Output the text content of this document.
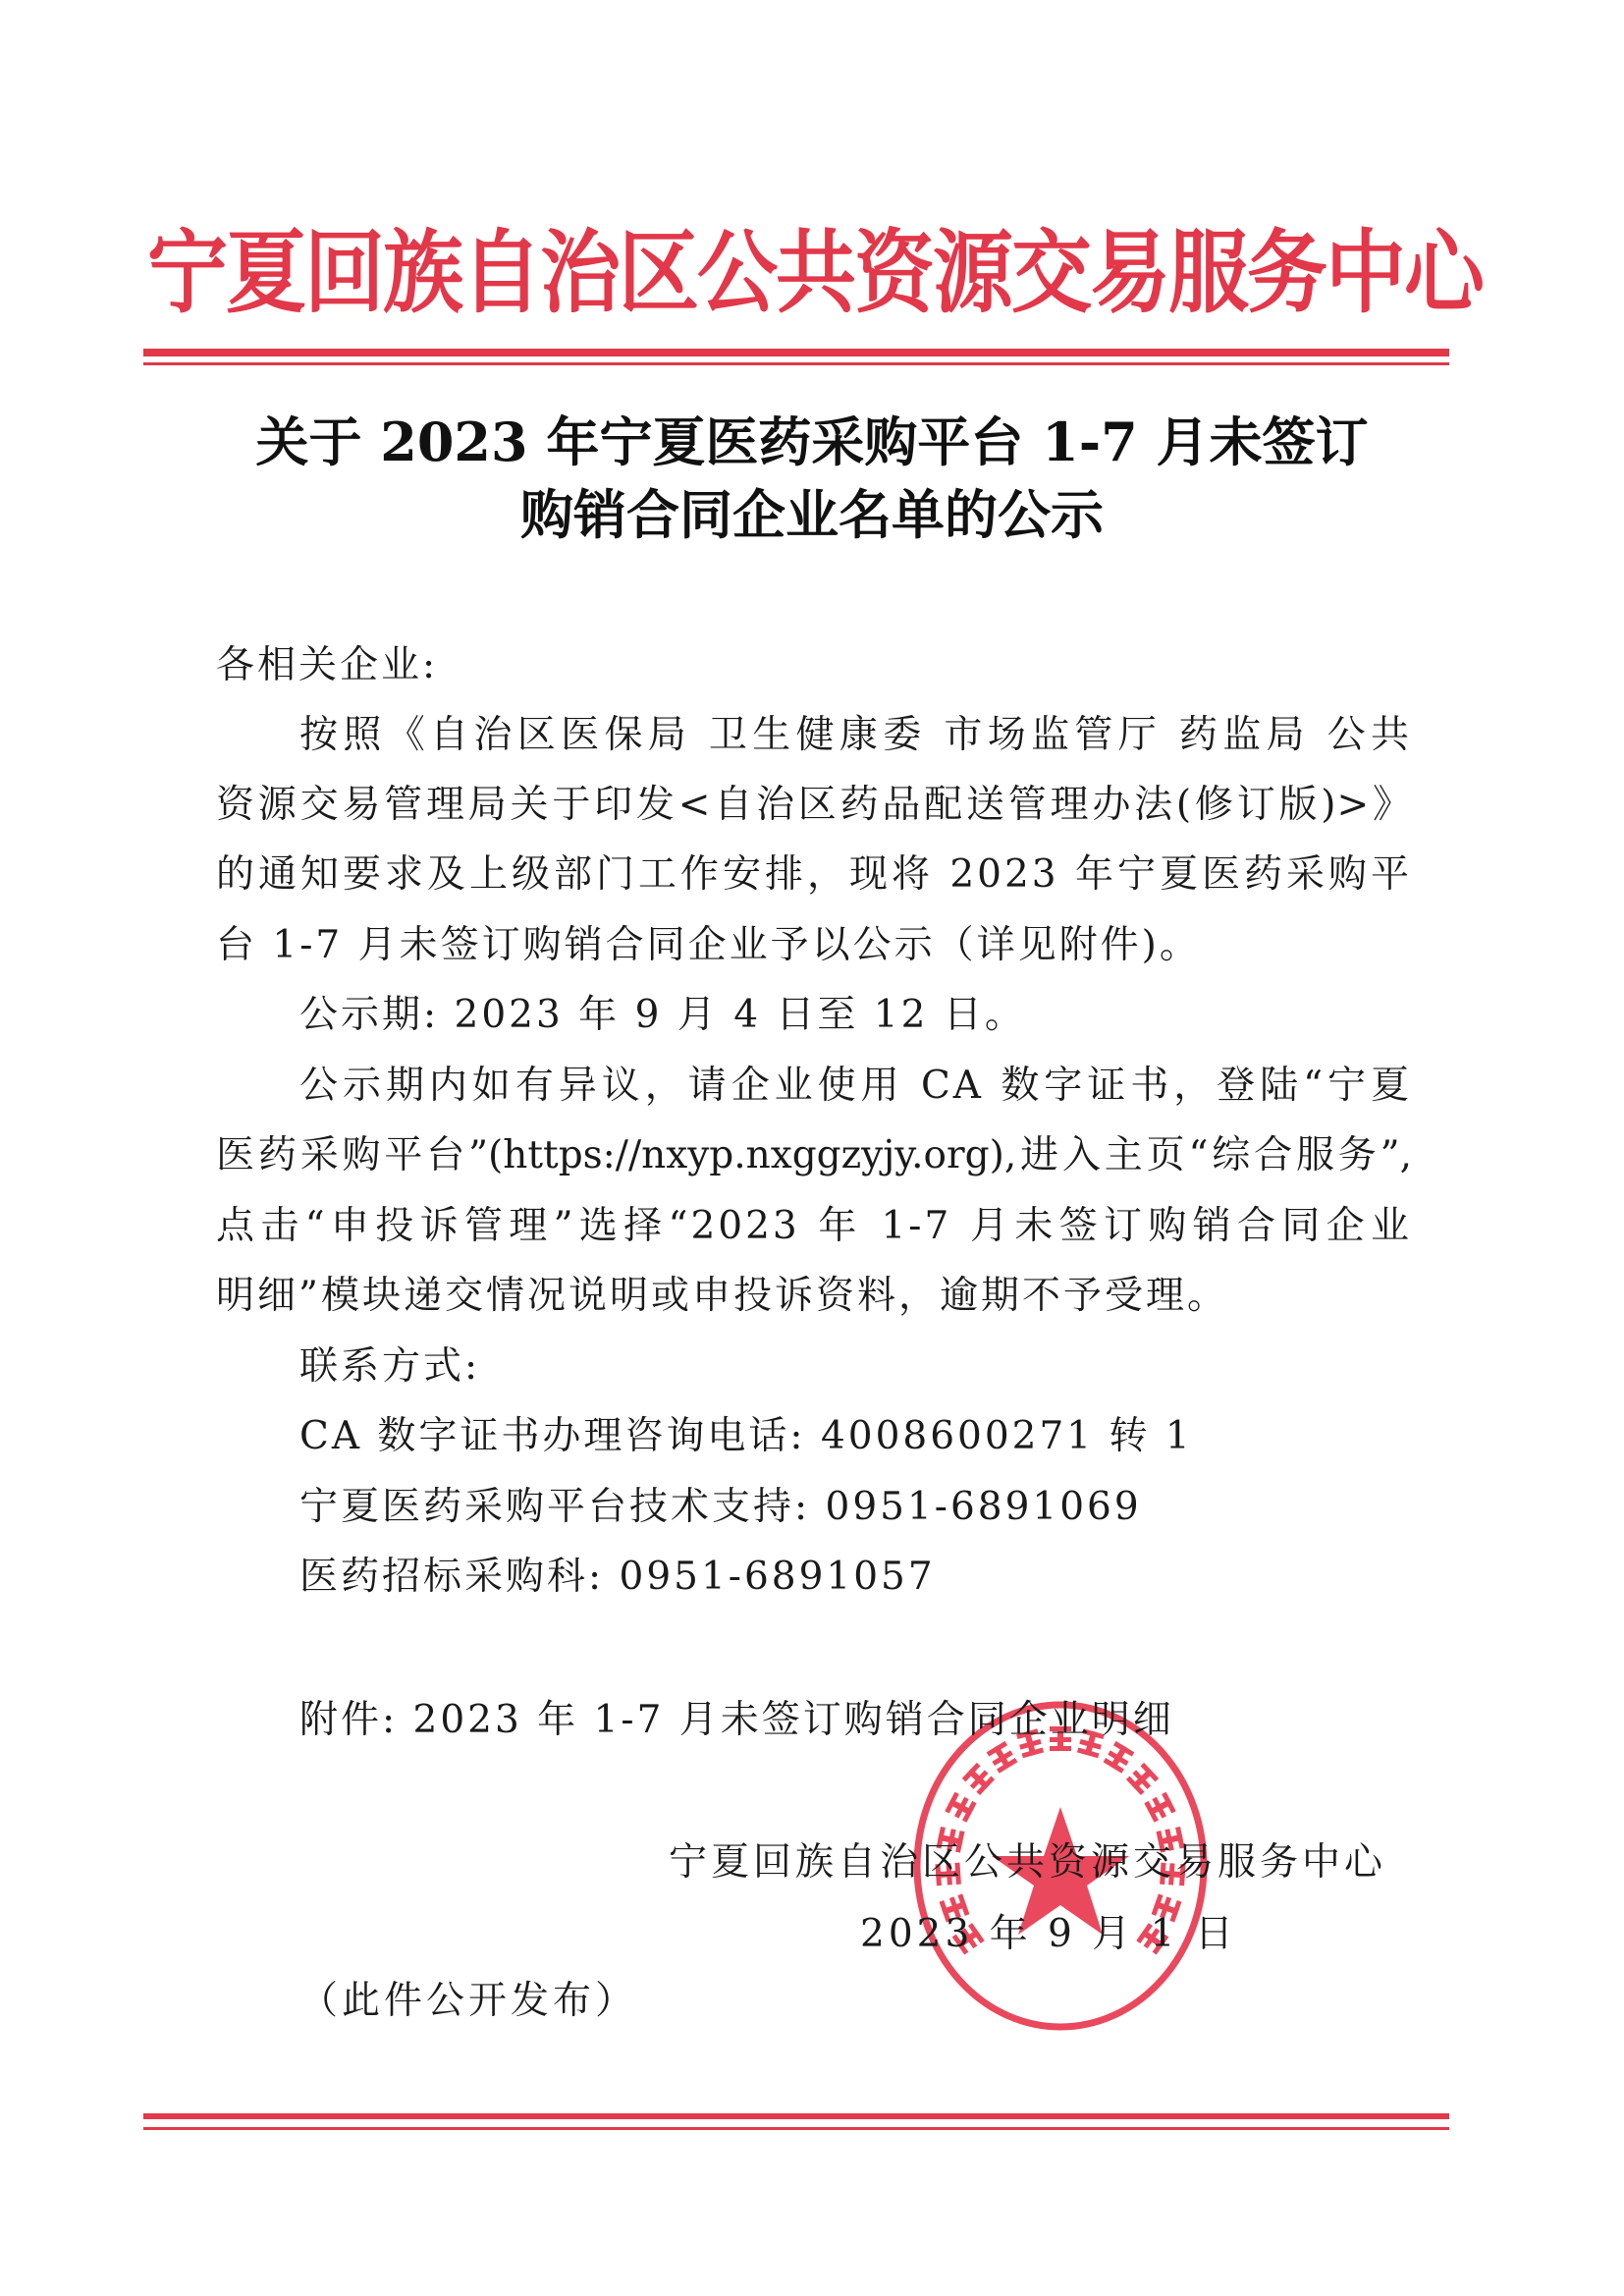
宁夏回族自治区公共资源交易服务中心
关于 2023 年宁夏医药采购平台 1-7 月未签订
购销合同企业名单的公示
各相关企业:
按照《自治区医保局 卫生健康委 市场监管厅 药监局 公共
资源交易管理局关于印发<自治区药品配送管理办法(修订版)>》
的通知要求及上级部门工作安排，现将 2023 年宁夏医药采购平
台 1-7 月未签订购销合同企业予以公示（详见附件)。
公示期: 2023 年 9 月 4 日至 12 日。
公示期内如有异议，请企业使用 CA 数字证书，登陆“宁夏
医药采购平台”(https://nxyp.nxggzyjy.org),进入主页“综合服务”,
点击“申投诉管理”选择“2023 年 1-7 月未签订购销合同企业
明细”模块递交情况说明或申投诉资料，逾期不予受理。
联系方式:
CA 数字证书办理咨询电话: 4008600271 转 1
宁夏医药采购平台技术支持: 0951-6891069
医药招标采购科: 0951-6891057
附件: 2023 年 1-7 月未签订购销合同企业明细
宁夏回族自治区公共资源交易服务中心
2023 年 9 月 1 日
（此件公开发布）
